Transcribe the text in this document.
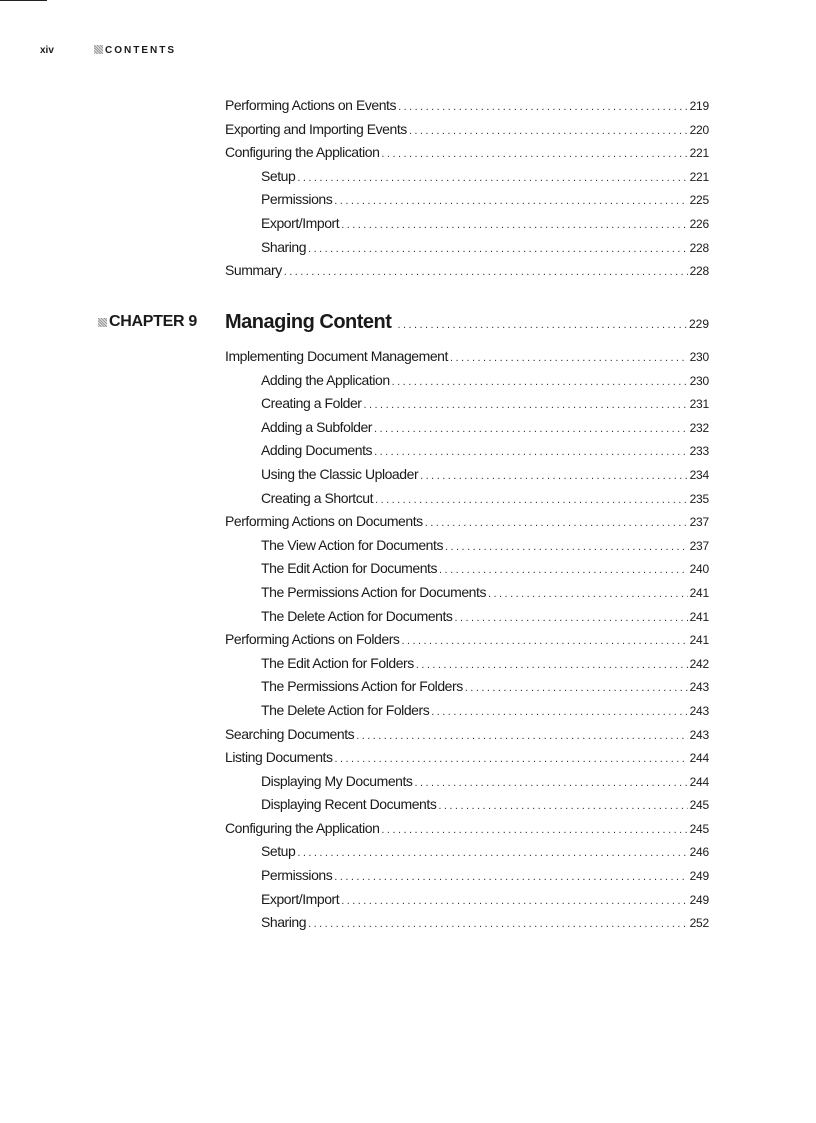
xiv	CONTENTS
Performing Actions on Events . . .	219
Exporting and Importing Events . . .	220
Configuring the Application . . .	221
Setup . . .	221
Permissions . . .	225
Export/Import . . .	226
Sharing . . .	228
Summary . . .	228
CHAPTER 9 Managing Content . . .	229
Implementing Document Management . . .	230
Adding the Application . . .	230
Creating a Folder . . .	231
Adding a Subfolder . . .	232
Adding Documents . . .	233
Using the Classic Uploader . . .	234
Creating a Shortcut . . .	235
Performing Actions on Documents . . .	237
The View Action for Documents . . .	237
The Edit Action for Documents . . .	240
The Permissions Action for Documents . . .	241
The Delete Action for Documents . . .	241
Performing Actions on Folders . . .	241
The Edit Action for Folders . . .	242
The Permissions Action for Folders . . .	243
The Delete Action for Folders . . .	243
Searching Documents . . .	243
Listing Documents . . .	244
Displaying My Documents . . .	244
Displaying Recent Documents . . .	245
Configuring the Application . . .	245
Setup . . .	246
Permissions . . .	249
Export/Import . . .	249
Sharing . . .	252
